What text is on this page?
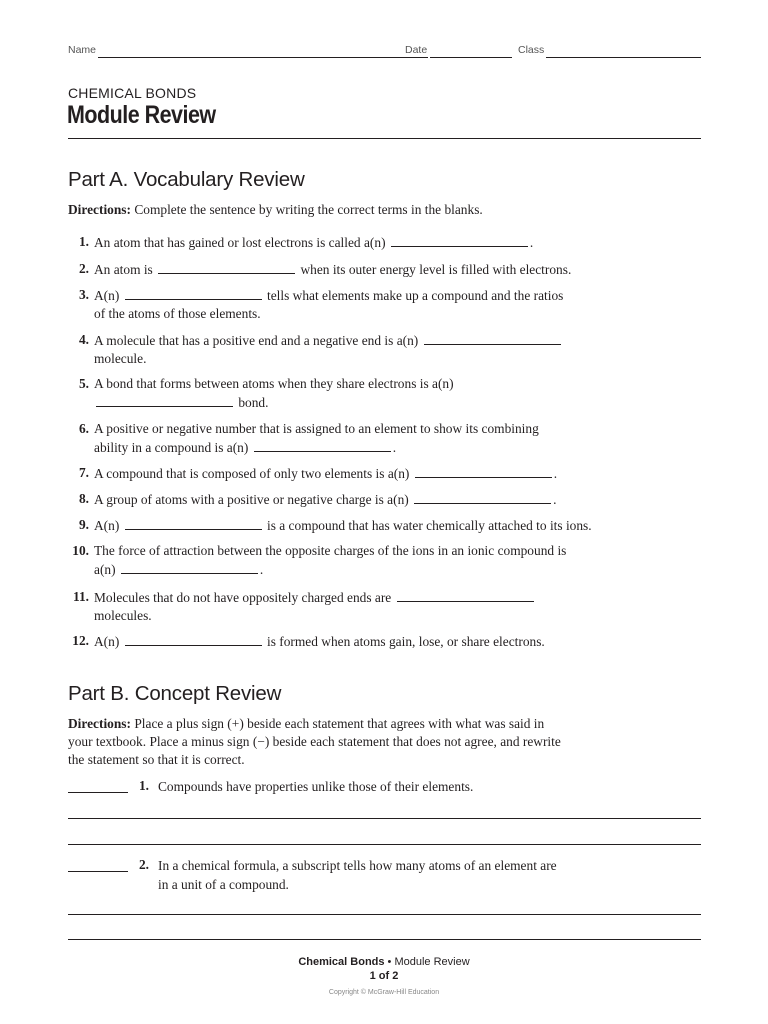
Name	Date	Class
CHEMICAL BONDS
Module Review
Part A. Vocabulary Review
Directions: Complete the sentence by writing the correct terms in the blanks.
1. An atom that has gained or lost electrons is called a(n)	.
2. An atom is	when its outer energy level is filled with electrons.
3. A(n)	tells what elements make up a compound and the ratios
of the atoms of those elements.
4. A molecule that has a positive end and a negative end is a(n)
molecule.
5. A bond that forms between atoms when they share electrons is a(n)
bond.
6. A positive or negative number that is assigned to an element to show its combining
ability in a compound is a(n)	.
7. A compound that is composed of only two elements is a(n)	.
8. A group of atoms with a positive or negative charge is a(n)	.
9. A(n)	is a compound that has water chemically attached to its ions.
10. The force of attraction between the opposite charges of the ions in an ionic compound is
a(n)	.
11. Molecules that do not have oppositely charged ends are
molecules.
12. A(n)	is formed when atoms gain, lose, or share electrons.
Part B. Concept Review
Directions: Place a plus sign (+) beside each statement that agrees with what was said in
your textbook. Place a minus sign (−) beside each statement that does not agree, and rewrite
the statement so that it is correct.
1. Compounds have properties unlike those of their elements.
2. In a chemical formula, a subscript tells how many atoms of an element are
in a unit of a compound.
Chemical Bonds • Module Review
1 of 2
Copyright © McGraw-Hill Education
